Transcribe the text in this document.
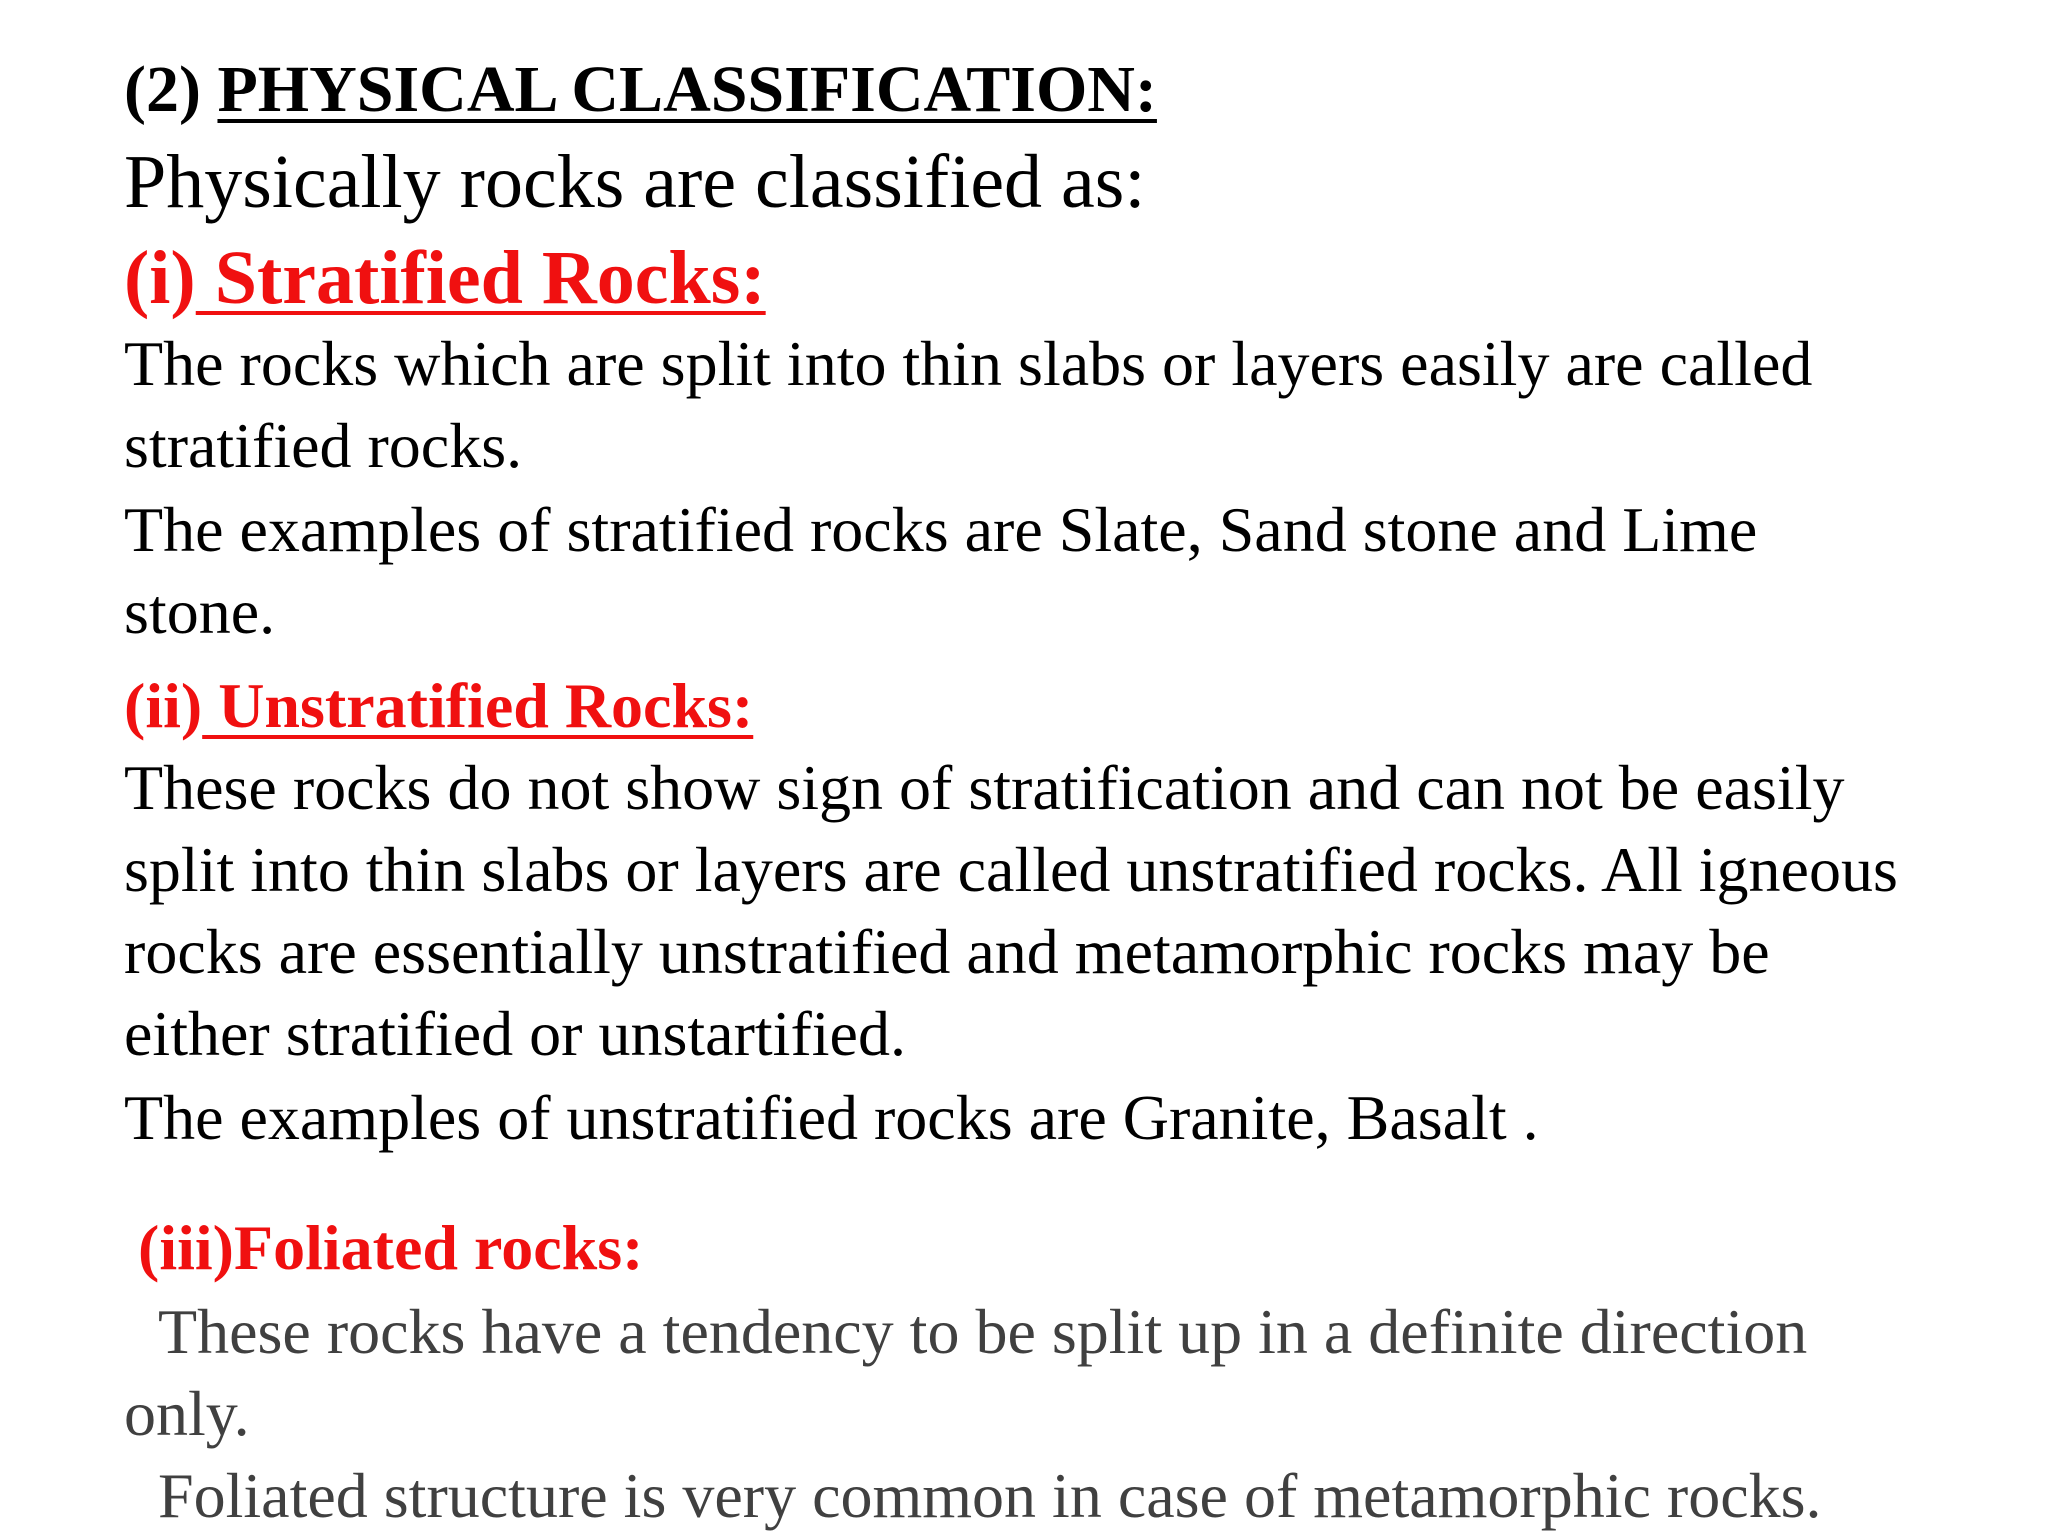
(2) PHYSICAL CLASSIFICATION:

Physically rocks are classified as:

(i) Stratified Rocks:

The rocks which are split into thin slabs or layers easily are called

stratified rocks.

The examples of stratified rocks are Slate, Sand stone and Lime

stone.

(ii) Unstratified Rocks:

These rocks do not show sign of stratification and can not be easily

split into thin slabs or layers are called unstratified rocks. All igneous

rocks are essentially unstratified and metamorphic rocks may be

either stratified or unstartified.

The examples of unstratified rocks are Granite, Basalt .

(iii)Foliated rocks:

These rocks have a tendency to be split up in a definite direction

only.

Foliated structure is very common in case of metamorphic rocks.
